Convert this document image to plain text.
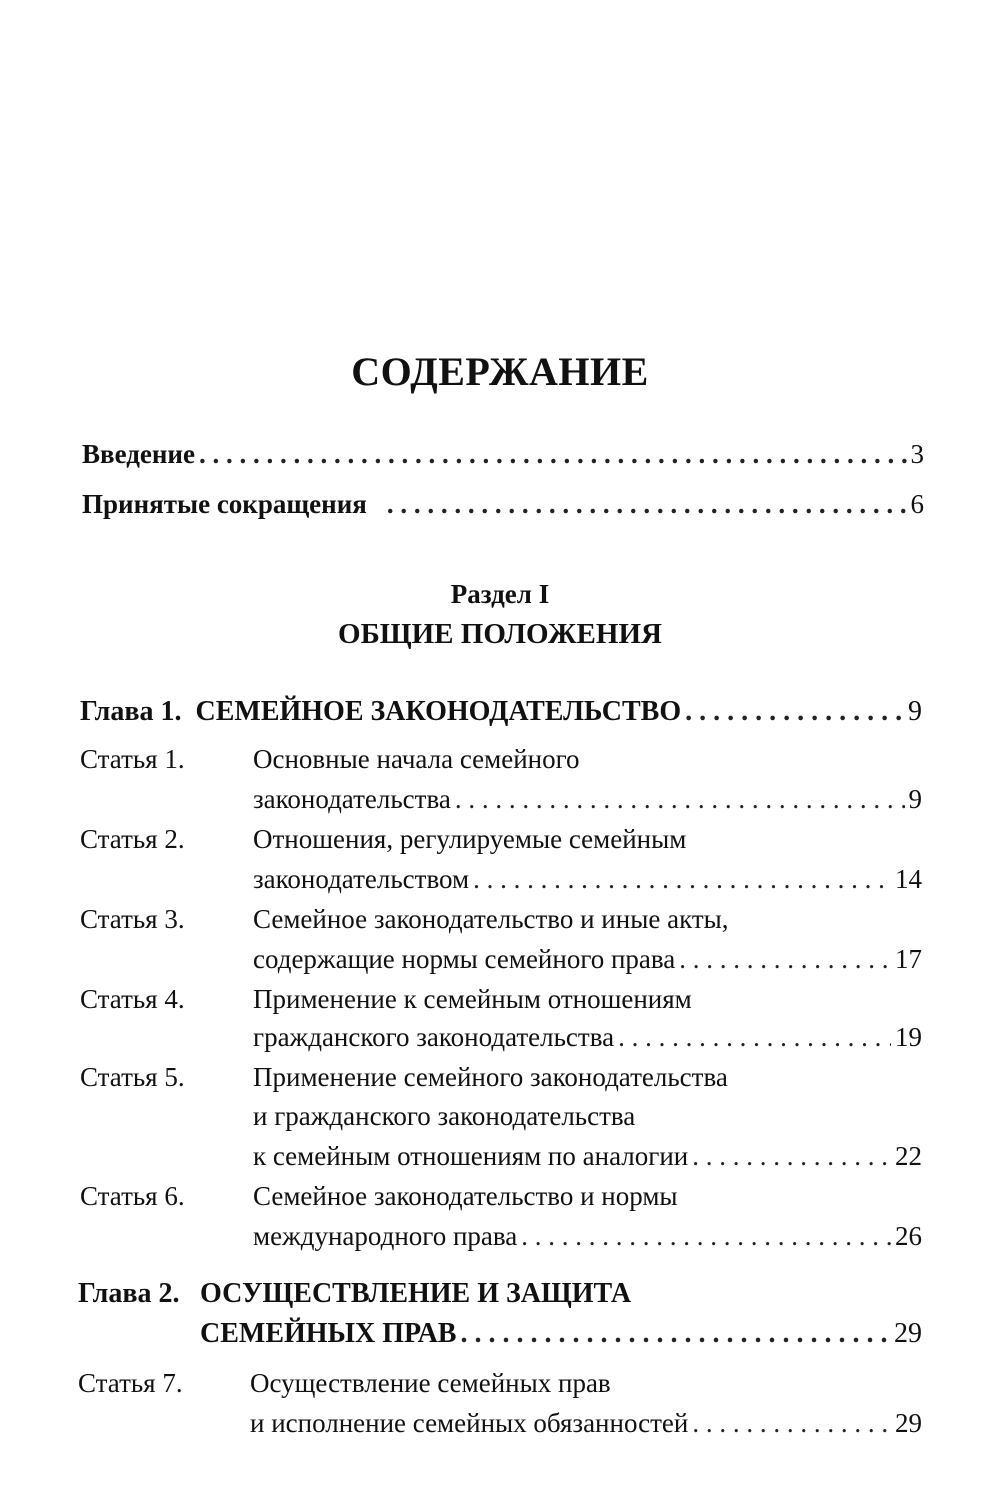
СОДЕРЖАНИЕ
Введение . . .	3
Принятые сокращения . . .	6
Раздел I
ОБЩИЕ ПОЛОЖЕНИЯ
Глава 1. СЕМЕЙНОЕ ЗАКОНОДАТЕЛЬСТВО . . .	9
Статья 1.	Основные начала семейного
законодательства . . .	9
Статья 2.	Отношения, регулируемые семейным
законодательством . . .	14
Статья 3.	Семейное законодательство и иные акты,
содержащие нормы семейного права . . .	17
Статья 4.	Применение к семейным отношениям
гражданского законодательства . . .	19
Статья 5.	Применение семейного законодательства
и гражданского законодательства
к семейным отношениям по аналогии . . .	22
Статья 6.	Семейное законодательство и нормы
международного права . . .	26
Глава 2. ОСУЩЕСТВЛЕНИЕ И ЗАЩИТА
СЕМЕЙНЫХ ПРАВ . . .	29
Статья 7. Осуществление семейных прав
и исполнение семейных обязанностей . . .	29
